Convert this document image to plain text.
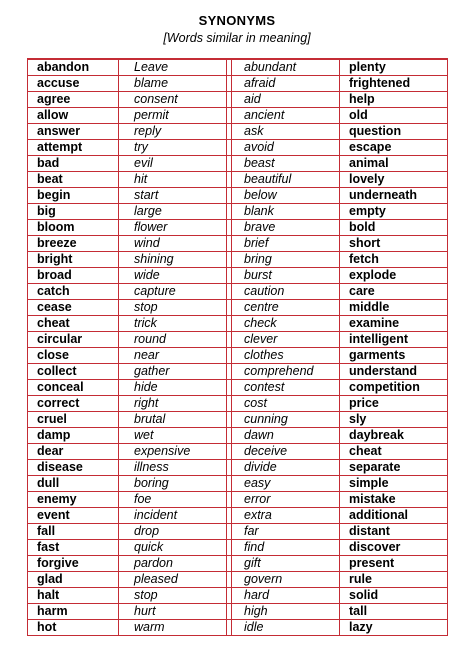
SYNONYMS
[Words similar in meaning]
abandon	Leave		abundant	plenty
accuse	blame		afraid	frightened
agree	consent		aid	help
allow	permit		ancient	old
answer	reply		ask	question
attempt	try		avoid	escape
bad	evil		beast	animal
beat	hit		beautiful	lovely
begin	start		below	underneath
big	large		blank	empty
bloom	flower		brave	bold
breeze	wind		brief	short
bright	shining		bring	fetch
broad	wide		burst	explode
catch	capture		caution	care
cease	stop		centre	middle
cheat	trick		check	examine
circular	round		clever	intelligent
close	near		clothes	garments
collect	gather		comprehend	understand
conceal	hide		contest	competition
correct	right		cost	price
cruel	brutal		cunning	sly
damp	wet		dawn	daybreak
dear	expensive		deceive	cheat
disease	illness		divide	separate
dull	boring		easy	simple
enemy	foe		error	mistake
event	incident		extra	additional
fall	drop		far	distant
fast	quick		find	discover
forgive	pardon		gift	present
glad	pleased		govern	rule
halt	stop		hard	solid
harm	hurt		high	tall
hot	warm		idle	lazy
